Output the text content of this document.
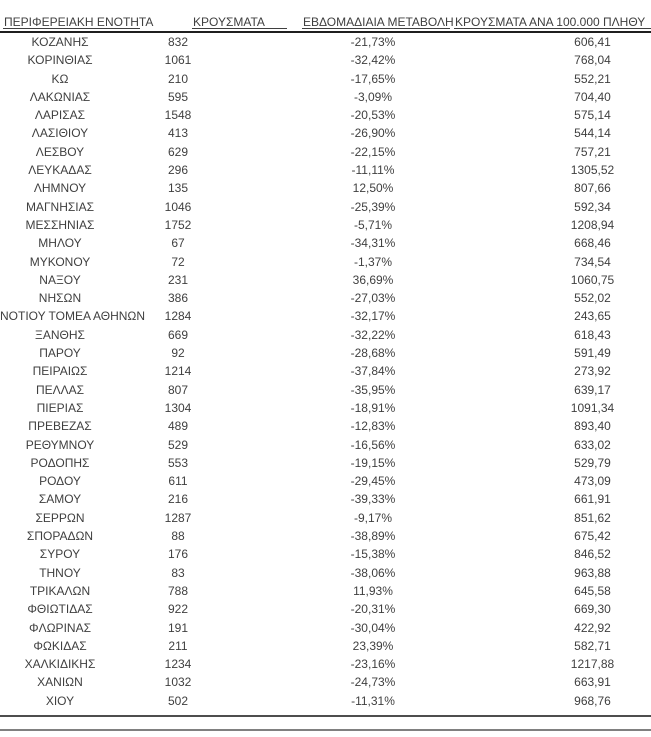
ΠΕΡΙΦΕΡΕΙΑΚΗ ΕΝΟΤΗΤΑ	ΚΡΟΥΣΜΑΤΑ	ΕΒΔΟΜΑΔΙΑΙΑ ΜΕΤΑΒΟΛΗ ΚΡΟΥΣΜΑΤΑ ΑΝΑ 100.000 ΠΛΗΘΥ
ΚΟΖΑΝΗΣ	832	-21,73%	606,41
ΚΟΡΙΝΘΙΑΣ	1061	-32,42%	768,04
ΚΩ	210	-17,65%	552,21
ΛΑΚΩΝΙΑΣ	595	-3,09%	704,40
ΛΑΡΙΣΑΣ	1548	-20,53%	575,14
ΛΑΣΙΘΙΟΥ	413	-26,90%	544,14
ΛΕΣΒΟΥ	629	-22,15%	757,21
ΛΕΥΚΑΔΑΣ	296	-11,11%	1305,52
ΛΗΜΝΟΥ	135	12,50%	807,66
ΜΑΓΝΗΣΙΑΣ	1046	-25,39%	592,34
ΜΕΣΣΗΝΙΑΣ	1752	-5,71%	1208,94
ΜΗΛΟΥ	67	-34,31%	668,46
ΜΥΚΟΝΟΥ	72	-1,37%	734,54
ΝΑΞΟΥ	231	36,69%	1060,75
ΝΗΣΩΝ	386	-27,03%	552,02
ΝΟΤΙΟΥ ΤΟΜΕΑ ΑΘΗΝΩΝ	1284	-32,17%	243,65
ΞΑΝΘΗΣ	669	-32,22%	618,43
ΠΑΡΟΥ	92	-28,68%	591,49
ΠΕΙΡΑΙΩΣ	1214	-37,84%	273,92
ΠΕΛΛΑΣ	807	-35,95%	639,17
ΠΙΕΡΙΑΣ	1304	-18,91%	1091,34
ΠΡΕΒΕΖΑΣ	489	-12,83%	893,40
ΡΕΘΥΜΝΟΥ	529	-16,56%	633,02
ΡΟΔΟΠΗΣ	553	-19,15%	529,79
ΡΟΔΟΥ	611	-29,45%	473,09
ΣΑΜΟΥ	216	-39,33%	661,91
ΣΕΡΡΩΝ	1287	-9,17%	851,62
ΣΠΟΡΑΔΩΝ	88	-38,89%	675,42
ΣΥΡΟΥ	176	-15,38%	846,52
ΤΗΝΟΥ	83	-38,06%	963,88
ΤΡΙΚΑΛΩΝ	788	11,93%	645,58
ΦΘΙΩΤΙΔΑΣ	922	-20,31%	669,30
ΦΛΩΡΙΝΑΣ	191	-30,04%	422,92
ΦΩΚΙΔΑΣ	211	23,39%	582,71
ΧΑΛΚΙΔΙΚΗΣ	1234	-23,16%	1217,88
ΧΑΝΙΩΝ	1032	-24,73%	663,91
ΧΙΟΥ	502	-11,31%	968,76
